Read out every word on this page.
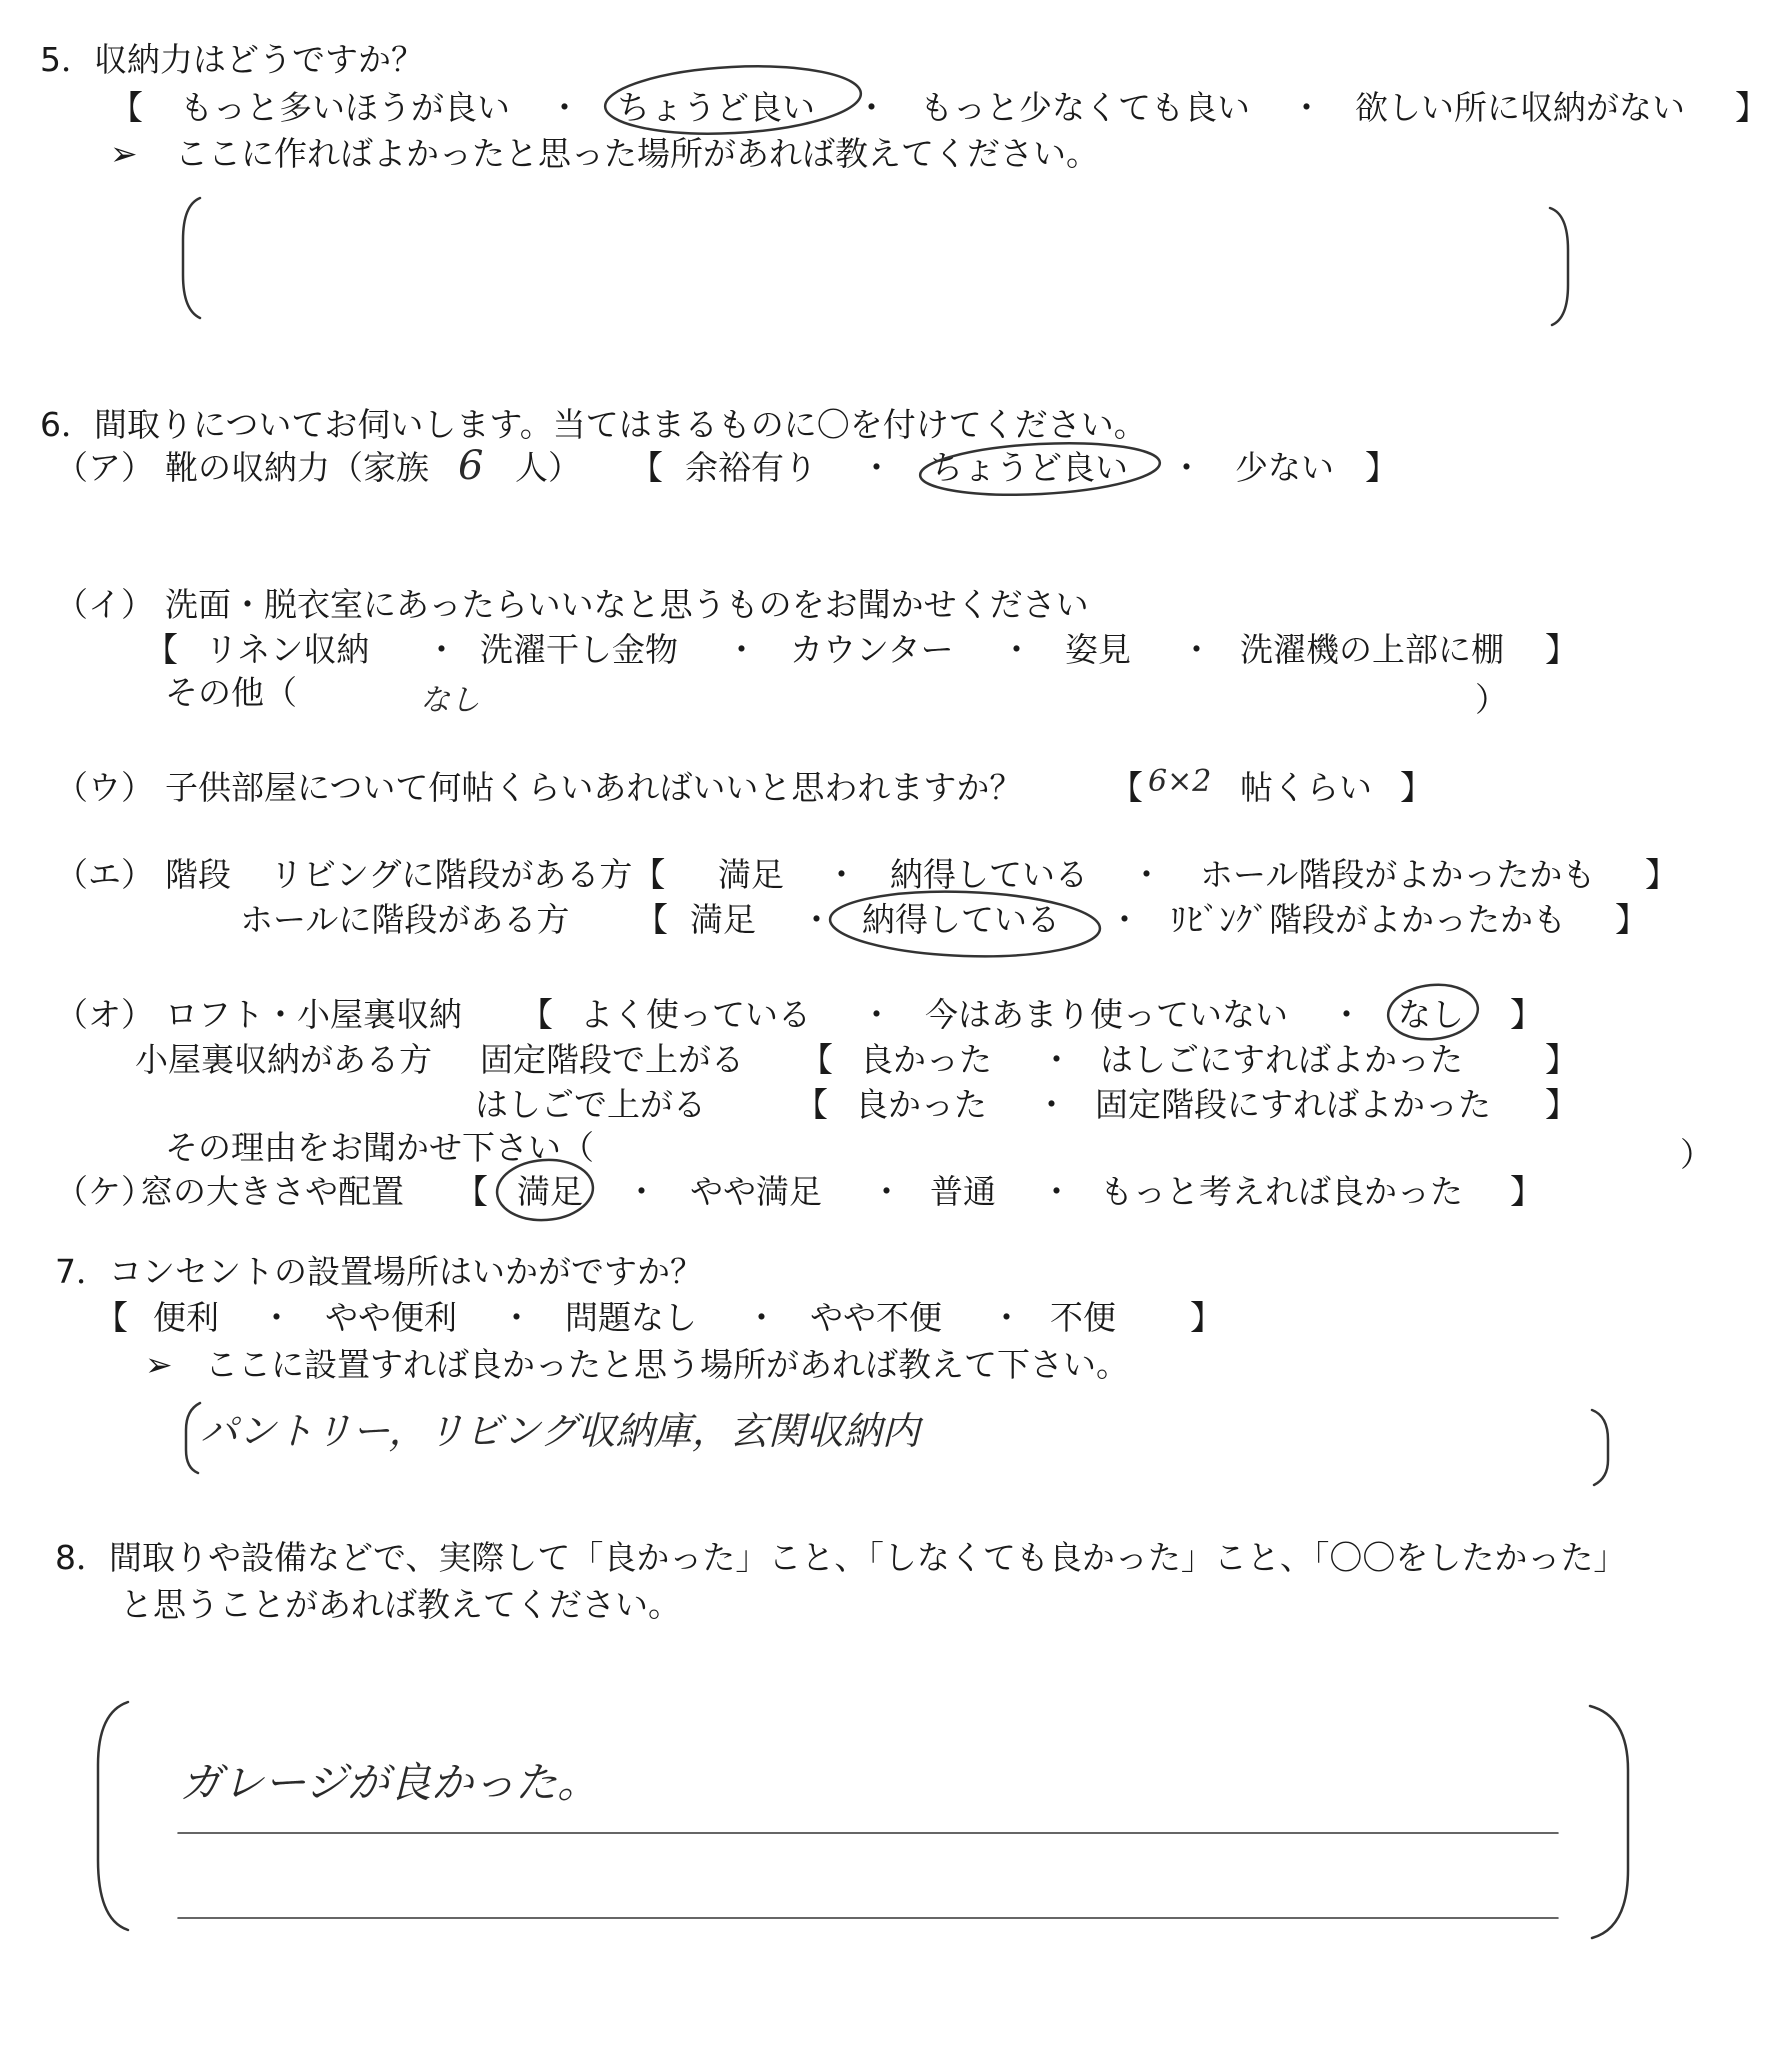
5．収納力はどうですか？
【 もっと多いほうが良い ・ ちょうど良い ・ もっと少なくても良い ・ 欲しい所に収納がない 】
➢ ここに作ればよかったと思った場所があれば教えてください。
6．間取りについてお伺いします。当てはまるものに〇を付けてください。
（ア） 靴の収納力（家族 6 人） 【 余裕有り ・ ちょうど良い ・ 少ない 】
（イ） 洗面・脱衣室にあったらいいなと思うものをお聞かせください
【 リネン収納 ・ 洗濯干し金物 ・ カウンター ・ 姿見 ・ 洗濯機の上部に棚 】
その他（	なし	）
（ウ） 子供部屋について何帖くらいあればいいと思われますか？	【 6×2 帖くらい 】
（エ） 階段 リビングに階段がある方【 満足 ・ 納得している ・ ホール階段がよかったかも 】
ホールに階段がある方 【 満足 ・ 納得している ・ ﾘﾋﾞﾝｸﾞ階段がよかったかも 】
（オ） ロフト・小屋裏収納 【 よく使っている ・ 今はあまり使っていない ・ なし 】
小屋裏収納がある方 固定階段で上がる 【 良かった ・ はしごにすればよかった 】
はしごで上がる	【 良かった ・ 固定階段にすればよかった 】
その理由をお聞かせ下さい（	）
（ケ）
窓の大きさや配置 【 満足 ・ やや満足 ・ 普通 ・ もっと考えれば良かった 】
7．コンセントの設置場所はいかがですか？
【 便利 ・ やや便利 ・ 問題なし ・ やや不便 ・ 不便 】
➢ ここに設置すれば良かったと思う場所があれば教えて下さい。
パントリー，リビング収納庫，玄関収納内
8．間取りや設備などで、実際して「良かった」こと、「しなくても良かった」こと、「〇〇をしたかった」
と思うことがあれば教えてください。
ガレージが良かった。
